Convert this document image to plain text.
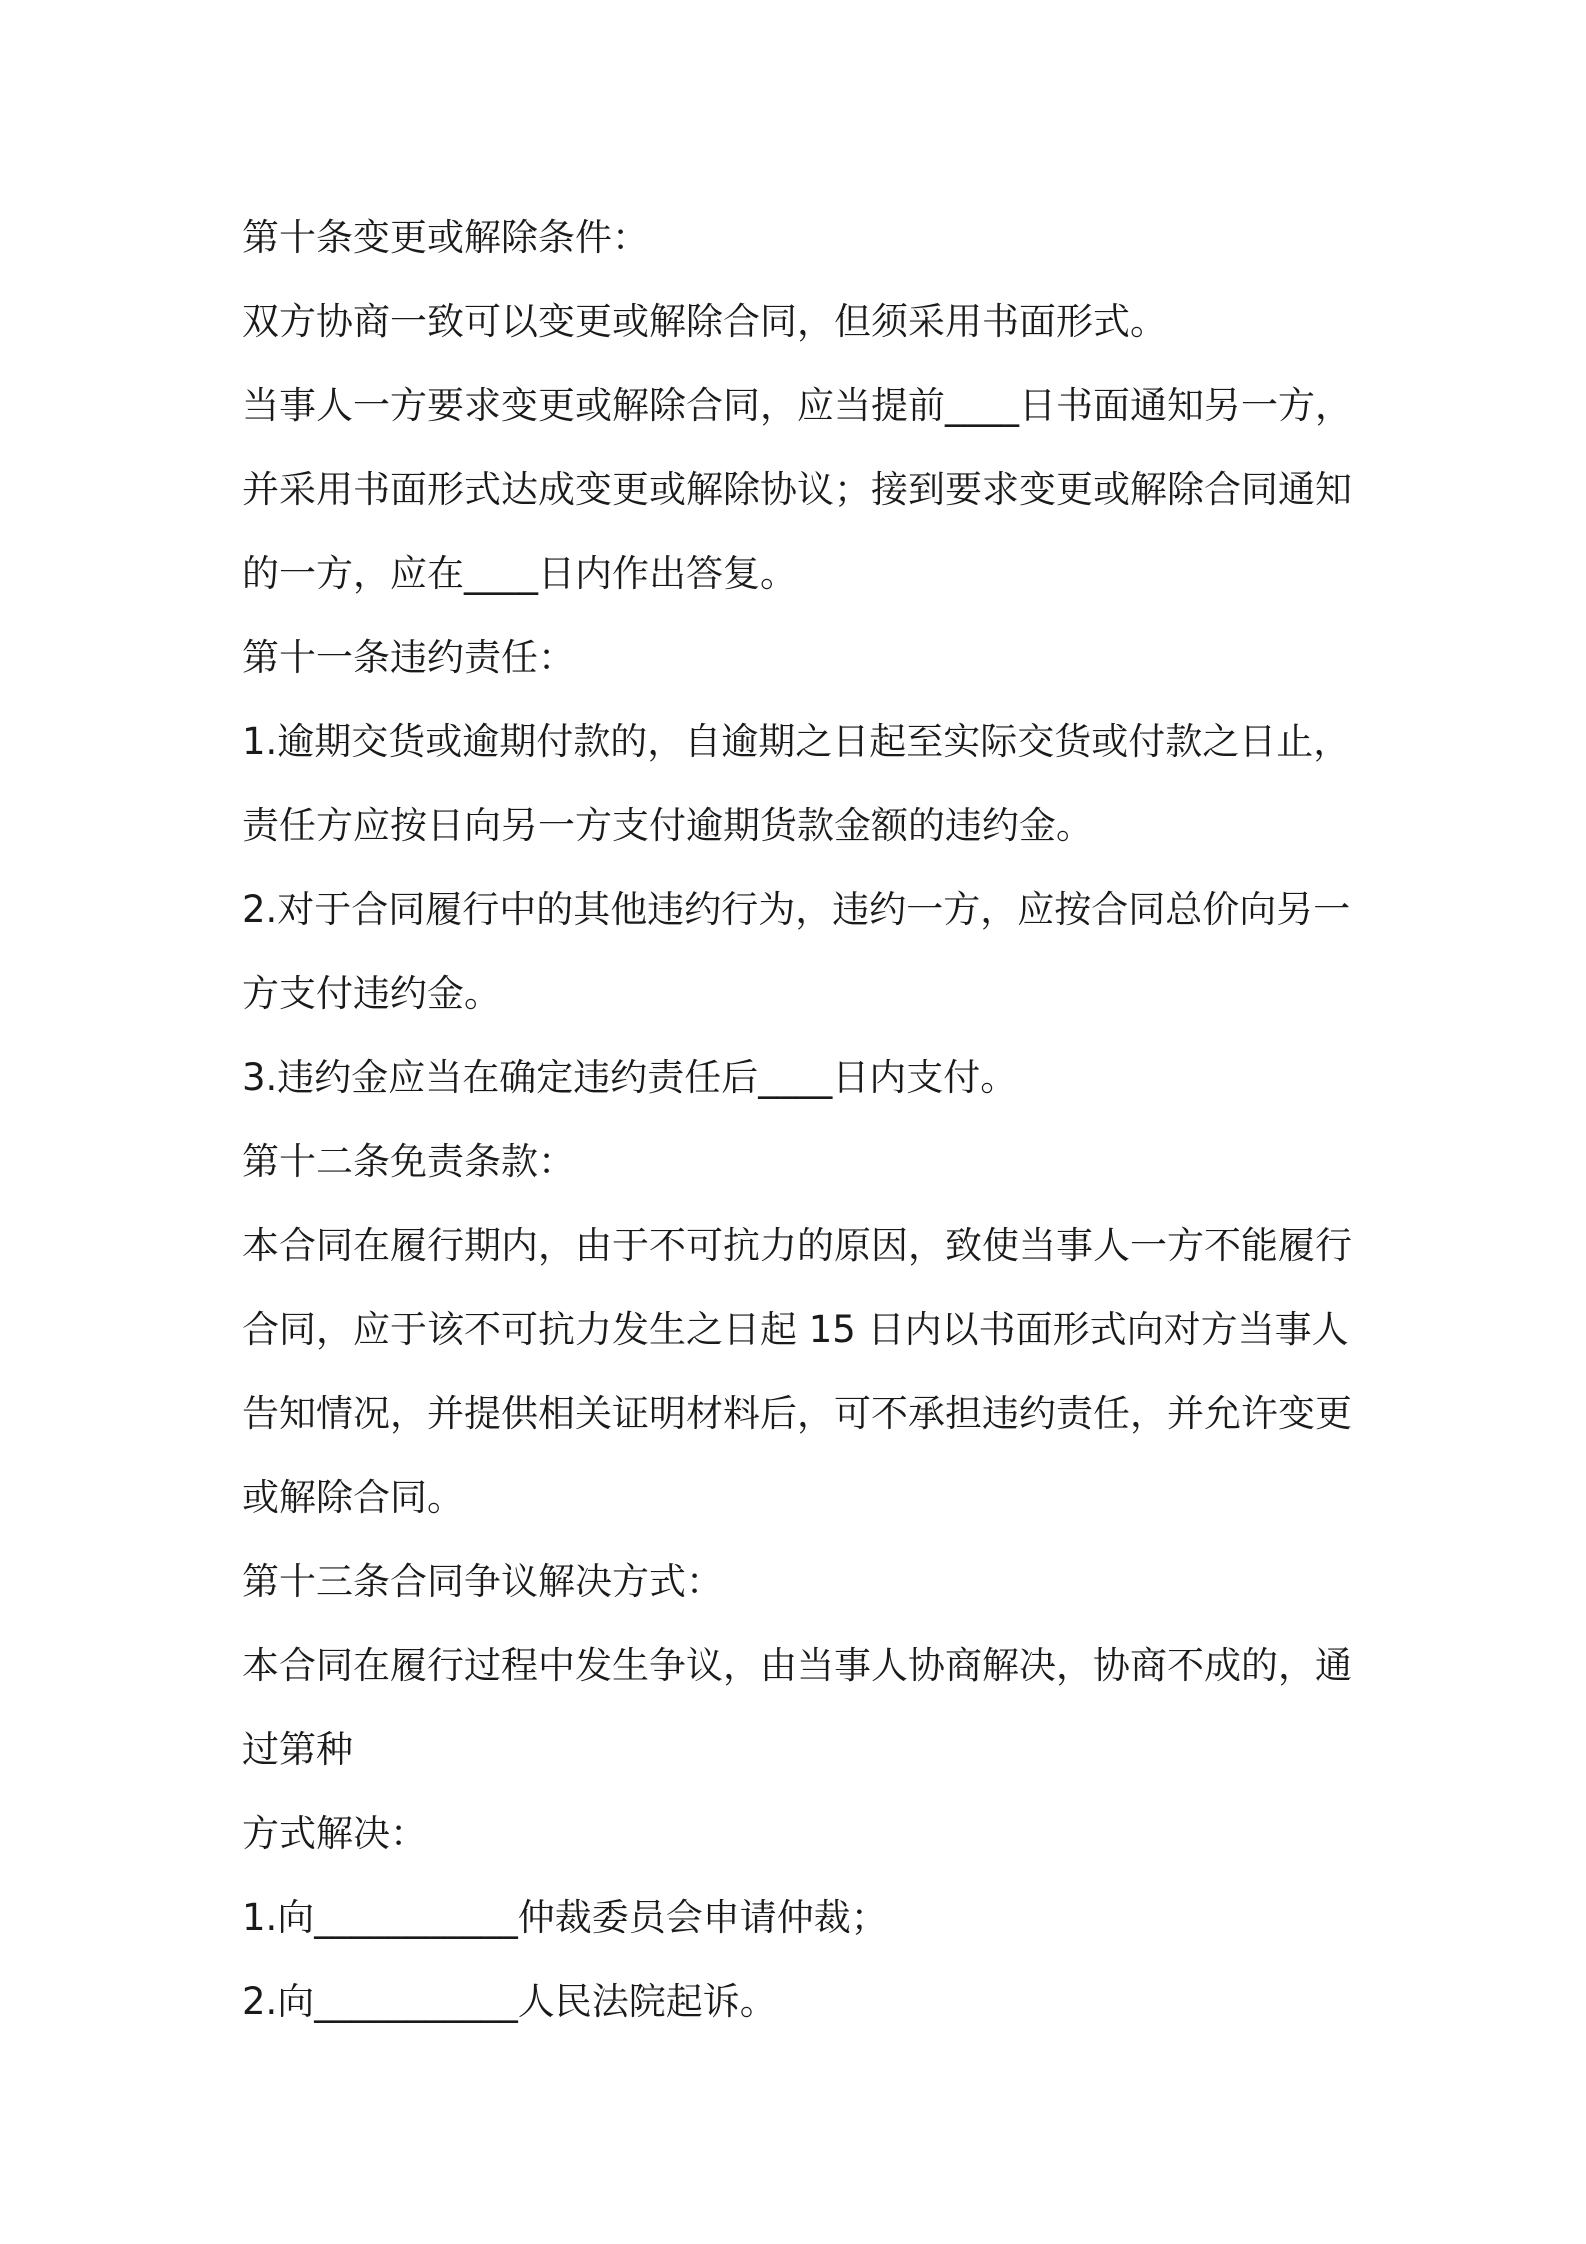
第十条变更或解除条件：
双方协商一致可以变更或解除合同，但须采用书面形式。
当事人一方要求变更或解除合同，应当提前____日书面通知另一方，
并采用书面形式达成变更或解除协议；接到要求变更或解除合同通知
的一方，应在____日内作出答复。
第十一条违约责任：
1.逾期交货或逾期付款的，自逾期之日起至实际交货或付款之日止，
责任方应按日向另一方支付逾期货款金额的违约金。
2.对于合同履行中的其他违约行为，违约一方，应按合同总价向另一
方支付违约金。
3.违约金应当在确定违约责任后____日内支付。
第十二条免责条款：
本合同在履行期内，由于不可抗力的原因，致使当事人一方不能履行
合同，应于该不可抗力发生之日起 15 日内以书面形式向对方当事人
告知情况，并提供相关证明材料后，可不承担违约责任，并允许变更
或解除合同。
第十三条合同争议解决方式：
本合同在履行过程中发生争议，由当事人协商解决，协商不成的，通
过第种
方式解决：
1.向___________仲裁委员会申请仲裁；
2.向___________人民法院起诉。
